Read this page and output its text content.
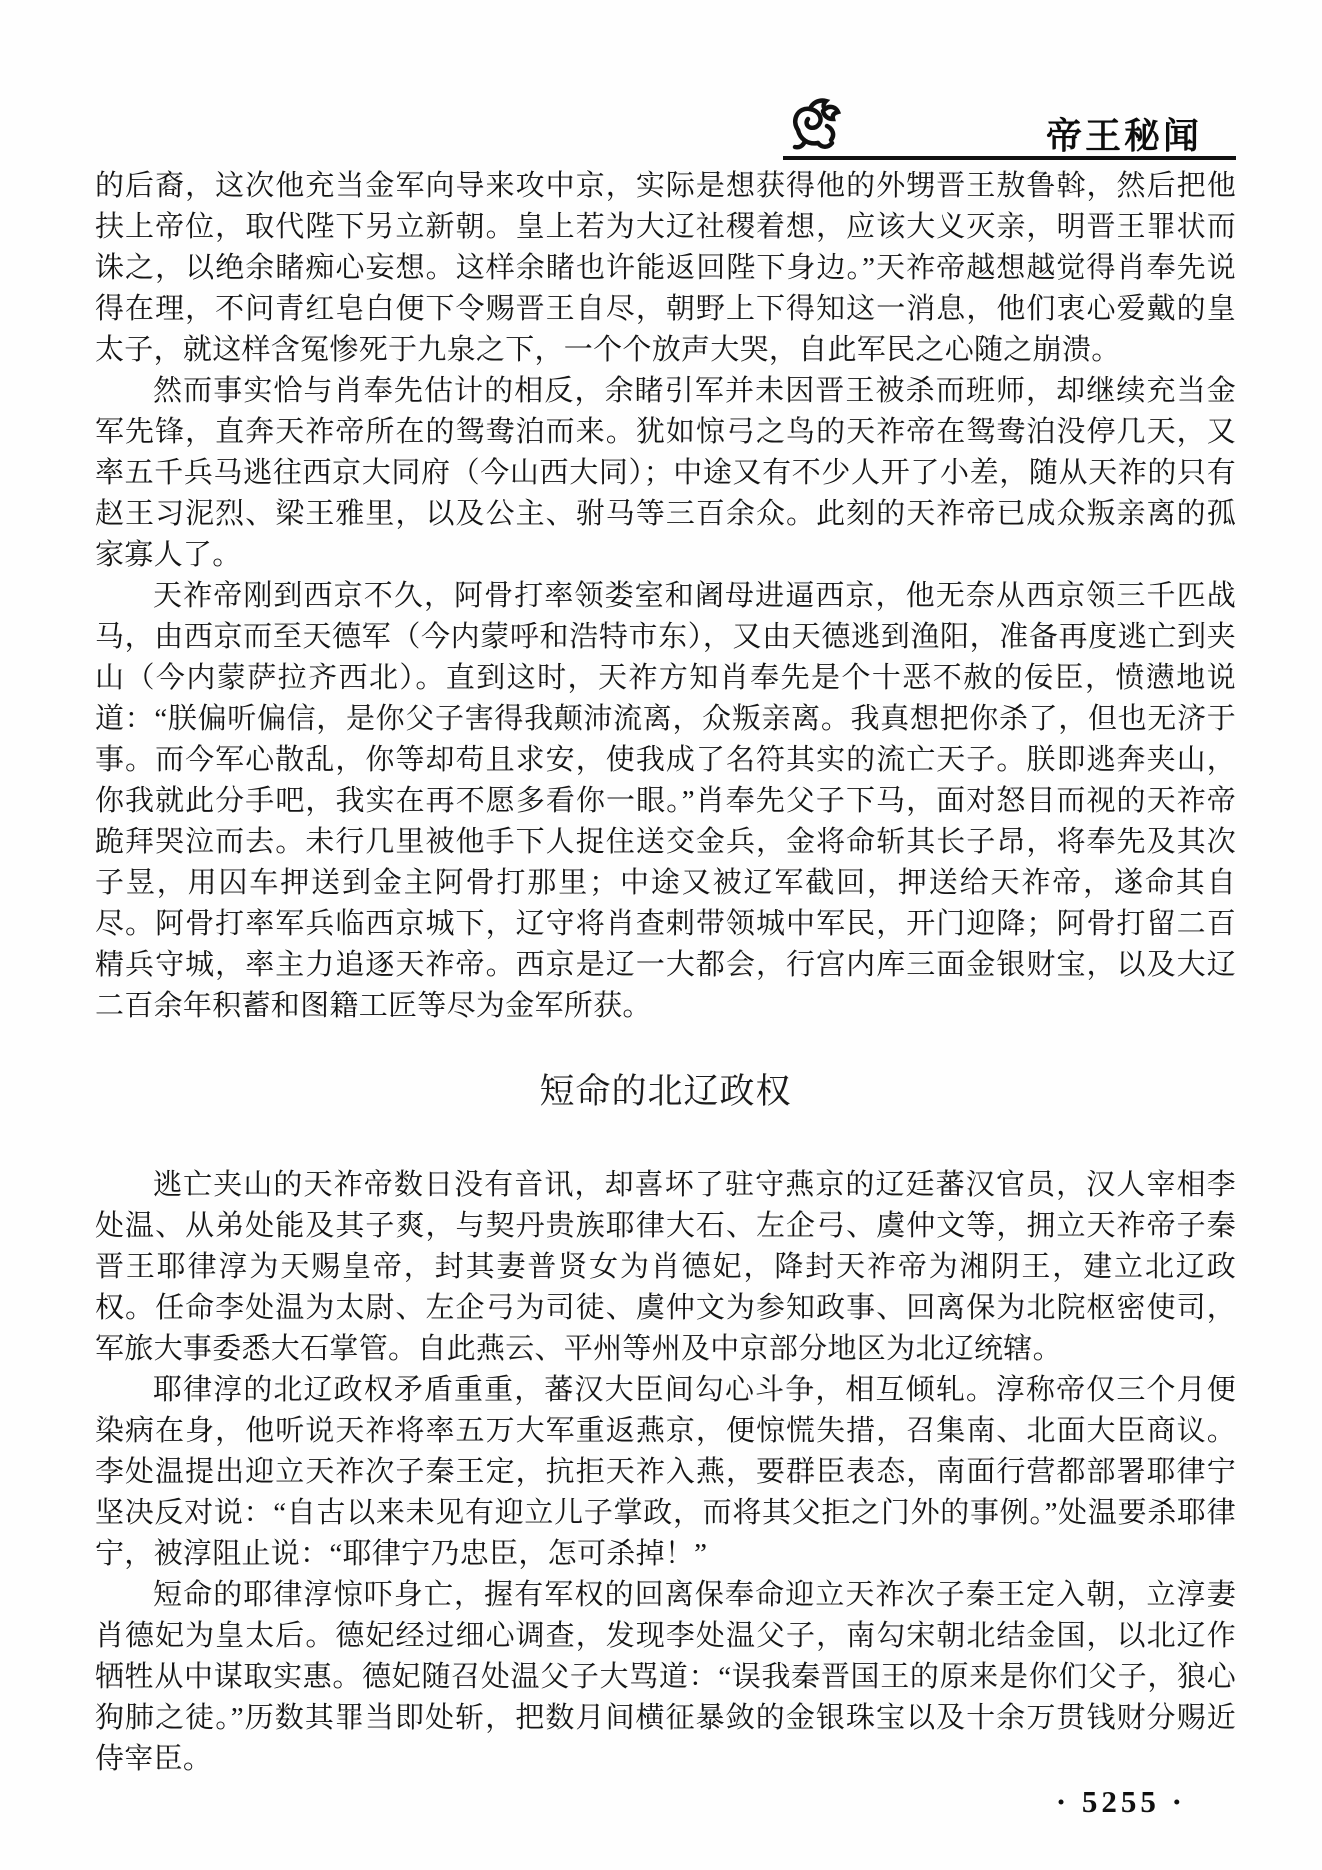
帝王秘闻

的后裔，这次他充当金军向导来攻中京，实际是想获得他的外甥晋王敖鲁斡，然后把他扶上帝位，取代陛下另立新朝。皇上若为大辽社稷着想，应该大义灭亲，明晋王罪状而诛之，以绝余睹痴心妄想。这样余睹也许能返回陛下身边。”天祚帝越想越觉得肖奉先说得在理，不问青红皂白便下令赐晋王自尽，朝野上下得知这一消息，他们衷心爱戴的皇太子，就这样含冤惨死于九泉之下，一个个放声大哭，自此军民之心随之崩溃。

然而事实恰与肖奉先估计的相反，余睹引军并未因晋王被杀而班师，却继续充当金军先锋，直奔天祚帝所在的鸳鸯泊而来。犹如惊弓之鸟的天祚帝在鸳鸯泊没停几天，又率五千兵马逃往西京大同府（今山西大同）；中途又有不少人开了小差，随从天祚的只有赵王习泥烈、梁王雅里，以及公主、驸马等三百余众。此刻的天祚帝已成众叛亲离的孤家寡人了。

天祚帝刚到西京不久，阿骨打率领娄室和阇母进逼西京，他无奈从西京领三千匹战马，由西京而至天德军（今内蒙呼和浩特市东），又由天德逃到渔阳，准备再度逃亡到夹山（今内蒙萨拉齐西北）。直到这时，天祚方知肖奉先是个十恶不赦的佞臣，愤懑地说道：“朕偏听偏信，是你父子害得我颠沛流离，众叛亲离。我真想把你杀了，但也无济于事。而今军心散乱，你等却苟且求安，使我成了名符其实的流亡天子。朕即逃奔夹山，你我就此分手吧，我实在再不愿多看你一眼。”肖奉先父子下马，面对怒目而视的天祚帝跪拜哭泣而去。未行几里被他手下人捉住送交金兵，金将命斩其长子昂，将奉先及其次子昱，用囚车押送到金主阿骨打那里；中途又被辽军截回，押送给天祚帝，遂命其自尽。阿骨打率军兵临西京城下，辽守将肖查剌带领城中军民，开门迎降；阿骨打留二百精兵守城，率主力追逐天祚帝。西京是辽一大都会，行宫内库三面金银财宝，以及大辽二百余年积蓄和图籍工匠等尽为金军所获。

短命的北辽政权

逃亡夹山的天祚帝数日没有音讯，却喜坏了驻守燕京的辽廷蕃汉官员，汉人宰相李处温、从弟处能及其子爽，与契丹贵族耶律大石、左企弓、虞仲文等，拥立天祚帝子秦晋王耶律淳为天赐皇帝，封其妻普贤女为肖德妃，降封天祚帝为湘阴王，建立北辽政权。任命李处温为太尉、左企弓为司徒、虞仲文为参知政事、回离保为北院枢密使司，军旅大事委悉大石掌管。自此燕云、平州等州及中京部分地区为北辽统辖。

耶律淳的北辽政权矛盾重重，蕃汉大臣间勾心斗争，相互倾轧。淳称帝仅三个月便染病在身，他听说天祚将率五万大军重返燕京，便惊慌失措，召集南、北面大臣商议。李处温提出迎立天祚次子秦王定，抗拒天祚入燕，要群臣表态，南面行营都部署耶律宁坚决反对说：“自古以来未见有迎立儿子掌政，而将其父拒之门外的事例。”处温要杀耶律宁，被淳阻止说：“耶律宁乃忠臣，怎可杀掉！”

短命的耶律淳惊吓身亡，握有军权的回离保奉命迎立天祚次子秦王定入朝，立淳妻肖德妃为皇太后。德妃经过细心调查，发现李处温父子，南勾宋朝北结金国，以北辽作牺牲从中谋取实惠。德妃随召处温父子大骂道：“误我秦晋国王的原来是你们父子，狼心狗肺之徒。”历数其罪当即处斩，把数月间横征暴敛的金银珠宝以及十余万贯钱财分赐近侍宰臣。

· 5255 ·
